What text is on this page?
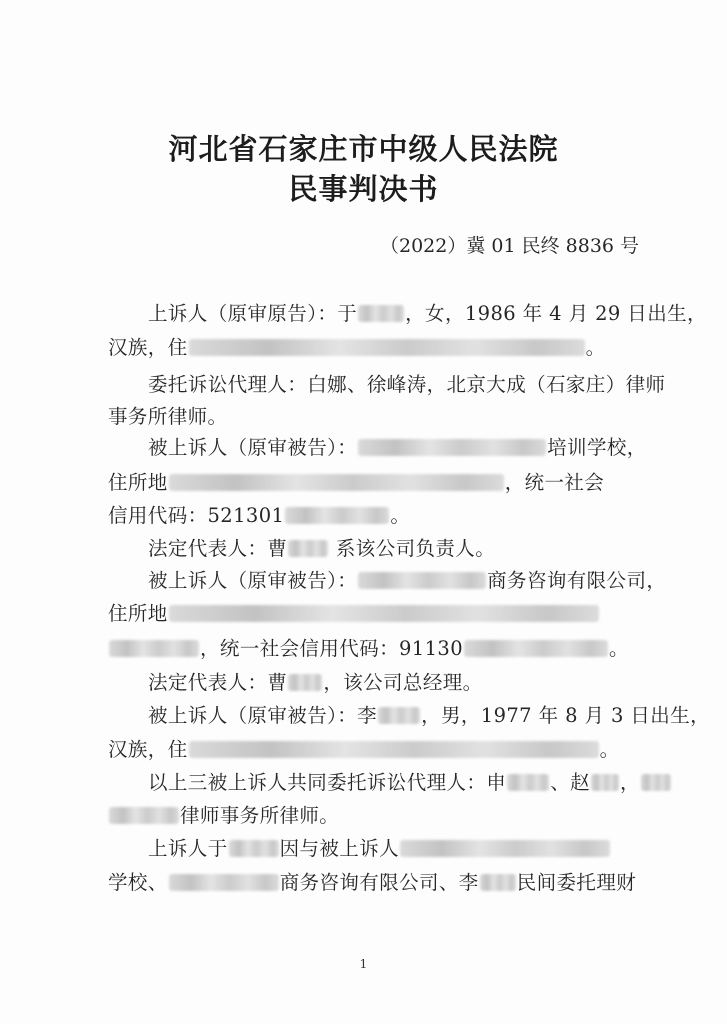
河北省石家庄市中级人民法院
民事判决书
（2022）冀 01 民终 8836 号
上诉人（原审原告）：于 ，女，1986 年 4 月 29 日出生，
汉族，住	。
委托诉讼代理人：白娜、徐峰涛，北京大成（石家庄）律师
事务所律师。
被上诉人（原审被告）：	培训学校，
住所地	，统一社会
信用代码：521301	。
法定代表人：曹 系该公司负责人。
被上诉人（原审被告）：	商务咨询有限公司，
住所地
，统一社会信用代码：91130	。
法定代表人：曹 ，该公司总经理。
被上诉人（原审被告）：李 ，男，1977 年 8 月 3 日出生，
汉族，住	。
以上三被上诉人共同委托诉讼代理人：申 、赵 ，
律师事务所律师。
上诉人于	因与被上诉人
学校、	商务咨询有限公司、李 民间委托理财
1
